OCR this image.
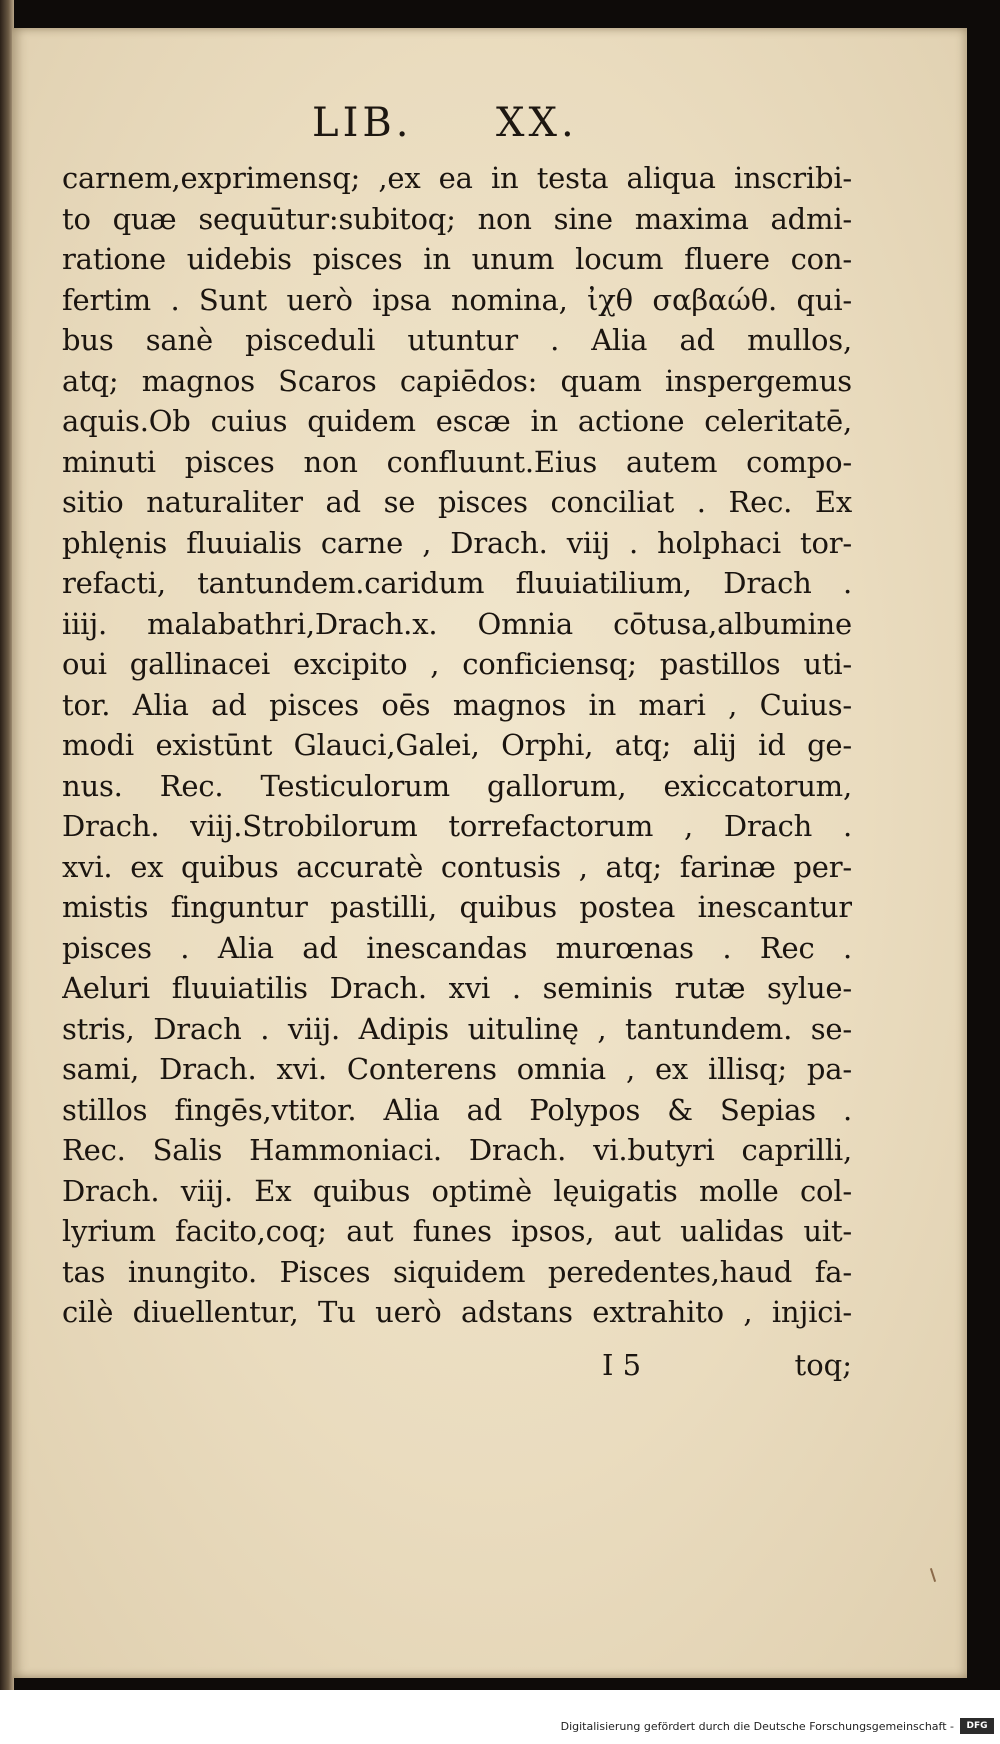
LIB.     XX.
carnem,exprimensq; ,ex ea in testa aliqua inscribi-
to quæ sequūtur:subitoq; non sine maxima admi-
ratione uidebis pisces in unum locum fluere con-
fertim . Sunt uerò ipsa nomina, ἰχθ σαβαώθ. qui-
bus sanè pisceduli utuntur . Alia ad mullos,
atq; magnos Scaros capiēdos: quam inspergemus
aquis.Ob cuius quidem escæ in actione celeritatē,
minuti pisces non confluunt.Eius autem compo-
sitio naturaliter ad se pisces conciliat . Rec. Ex
phlęnis fluuialis carne , Drach. viij . holphaci tor-
refacti, tantundem.caridum fluuiatilium, Drach .
iiij. malabathri,Drach.x. Omnia cōtusa,albumine
oui gallinacei excipito , conficiensq; pastillos uti-
tor. Alia ad pisces oēs magnos in mari , Cuius-
modi existūnt Glauci,Galei, Orphi, atq; alij id ge-
nus. Rec. Testiculorum gallorum, exiccatorum,
Drach. viij.Strobilorum torrefactorum , Drach .
xvi. ex quibus accuratè contusis , atq; farinæ per-
mistis finguntur pastilli, quibus postea inescantur
pisces . Alia ad inescandas murœnas . Rec .
Aeluri fluuiatilis Drach. xvi . seminis rutæ sylue-
stris, Drach . viij. Adipis uitulinę , tantundem. se-
sami, Drach. xvi. Conterens omnia , ex illisq; pa-
stillos fingēs,vtitor. Alia ad Polypos & Sepias .
Rec. Salis Hammoniaci. Drach. vi.butyri caprilli,
Drach. viij. Ex quibus optimè lęuigatis molle col-
lyrium facito,coq; aut funes ipsos, aut ualidas uit-
tas inungito. Pisces siquidem peredentes,haud fa-
cilè diuellentur, Tu uerò adstans extrahito , injici-
I 5	toq;
Digitalisierung gefördert durch die Deutsche Forschungsgemeinschaft -	DFG
